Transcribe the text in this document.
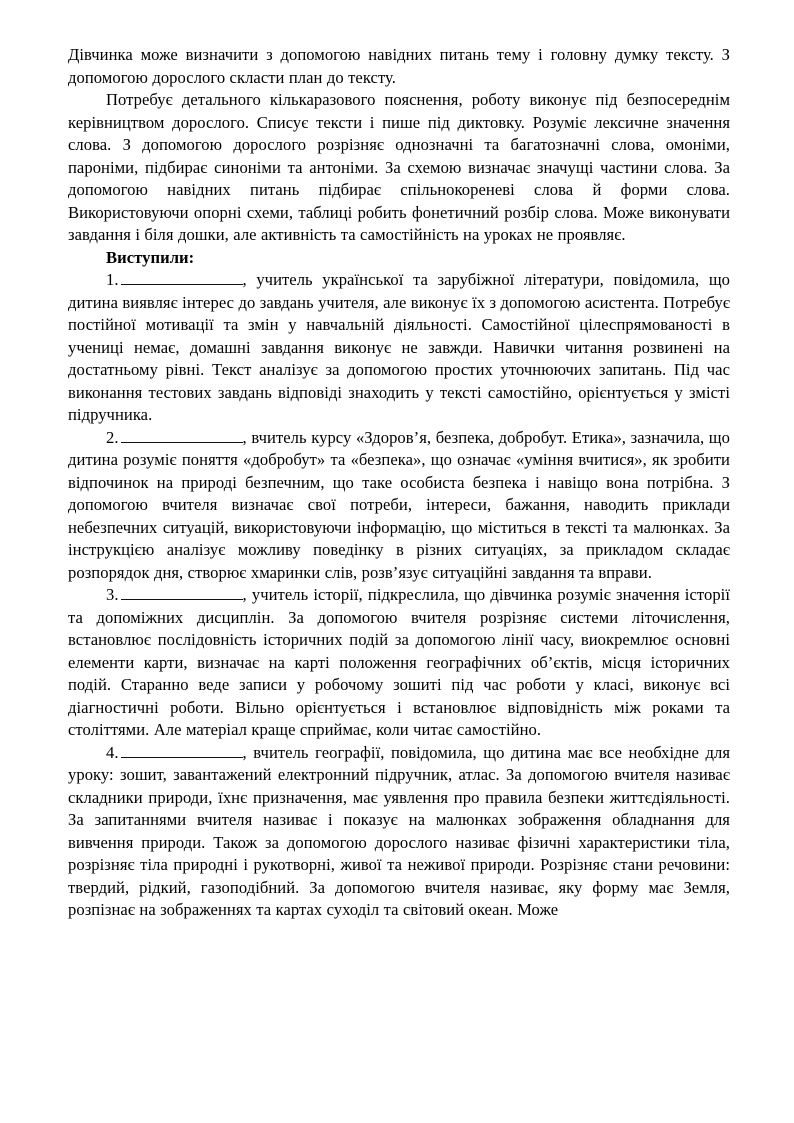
Дівчинка може визначити з допомогою навідних питань тему і головну думку тексту. З допомогою дорослого скласти план до тексту.

Потребує детального кількаразового пояснення, роботу виконує під безпосереднім керівництвом дорослого. Списує тексти і пише під диктовку. Розуміє лексичне значення слова. З допомогою дорослого розрізняє однозначні та багатозначні слова, омоніми, пароніми, підбирає синоніми та антоніми. За схемою визначає значущі частини слова. За допомогою навідних питань підбирає спільнокореневі слова й форми слова. Використовуючи опорні схеми, таблиці робить фонетичний розбір слова. Може виконувати завдання і біля дошки, але активність та самостійність на уроках не проявляє.

Виступили:

1.	, учитель української та зарубіжної літератури, повідомила, що дитина виявляє інтерес до завдань учителя, але виконує їх з допомогою асистента. Потребує постійної мотивації та змін у навчальній діяльності. Самостійної цілеспрямованості в учениці немає, домашні завдання виконує не завжди. Навички читання розвинені на достатньому рівні. Текст аналізує за допомогою простих уточнюючих запитань. Під час виконання тестових завдань відповіді знаходить у тексті самостійно, орієнтується у змісті підручника.

2.	, вчитель курсу «Здоров’я, безпека, добробут. Етика», зазначила, що дитина розуміє поняття «добробут» та «безпека», що означає «уміння вчитися», як зробити відпочинок на природі безпечним, що таке особиста безпека і навіщо вона потрібна. З допомогою вчителя визначає свої потреби, інтереси, бажання, наводить приклади небезпечних ситуацій, використовуючи інформацію, що міститься в тексті та малюнках. За інструкцією аналізує можливу поведінку в різних ситуаціях, за прикладом складає розпорядок дня, створює хмаринки слів, розв’язує ситуаційні завдання та вправи.

3.	, учитель історії, підкреслила, що дівчинка розуміє значення історії та допоміжних дисциплін. За допомогою вчителя розрізняє системи літочислення, встановлює послідовність історичних подій за допомогою лінії часу, виокремлює основні елементи карти, визначає на карті положення географічних об’єктів, місця історичних подій. Старанно веде записи у робочому зошиті під час роботи у класі, виконує всі діагностичні роботи. Вільно орієнтується і встановлює відповідність між роками та століттями. Але матеріал краще сприймає, коли читає самостійно.

4.	, вчитель географії, повідомила, що дитина має все необхідне для уроку: зошит, завантажений електронний підручник, атлас. За допомогою вчителя називає складники природи, їхнє призначення, має уявлення про правила безпеки життєдіяльності. За запитаннями вчителя називає і показує на малюнках зображення обладнання для вивчення природи. Також за допомогою дорослого називає фізичні характеристики тіла, розрізняє тіла природні і рукотворні, живої та неживої природи. Розрізняє стани речовини: твердий, рідкий, газоподібний. За допомогою вчителя називає, яку форму має Земля, розпізнає на зображеннях та картах суходіл та світовий океан. Може
